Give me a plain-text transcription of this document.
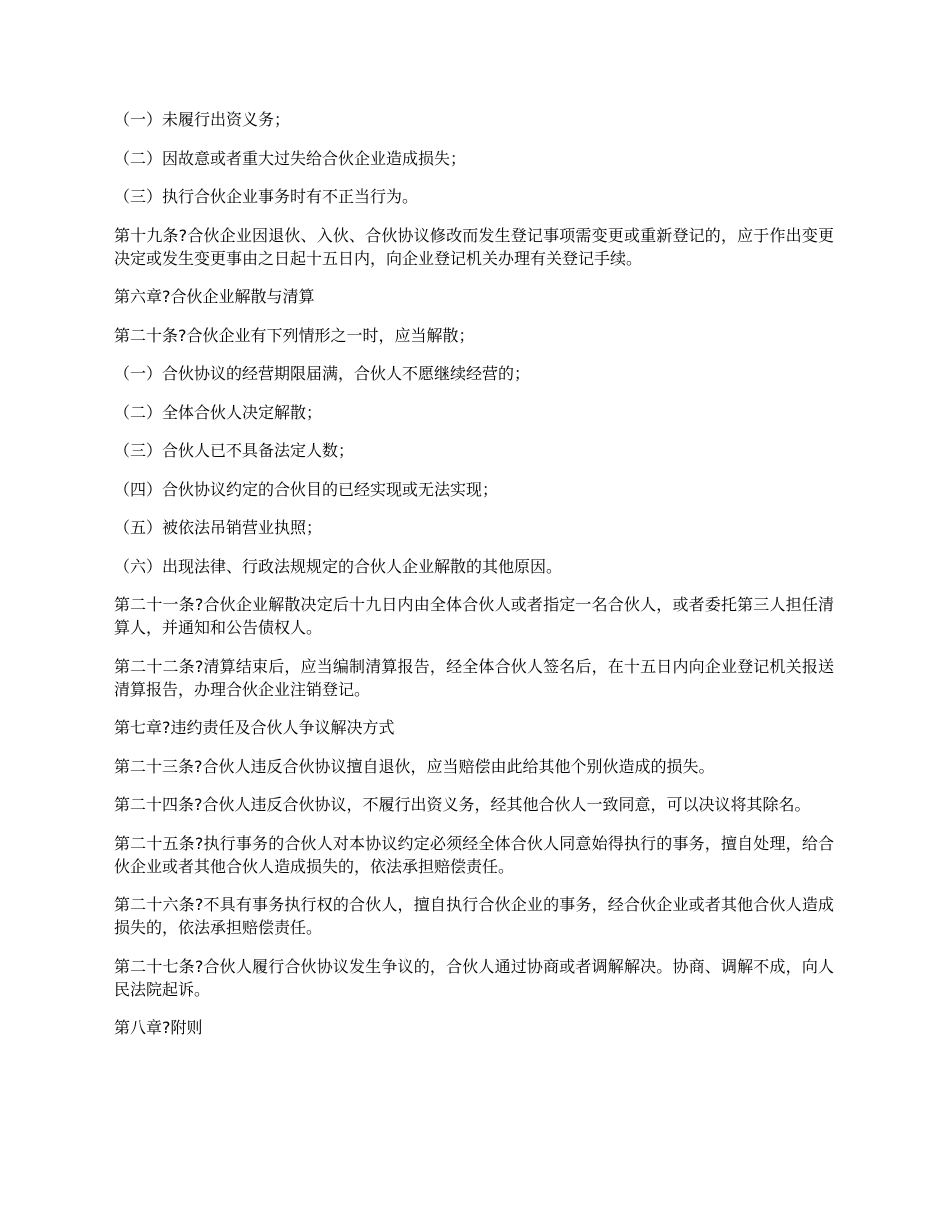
（一）未履行出资义务；

（二）因故意或者重大过失给合伙企业造成损失；

（三）执行合伙企业事务时有不正当行为。

第十九条?合伙企业因退伙、入伙、合伙协议修改而发生登记事项需变更或重新登记的，应于作出变更决定或发生变更事由之日起十五日内，向企业登记机关办理有关登记手续。

第六章?合伙企业解散与清算

第二十条?合伙企业有下列情形之一时，应当解散；

（一）合伙协议的经营期限届满，合伙人不愿继续经营的；

（二）全体合伙人决定解散；

（三）合伙人已不具备法定人数；

（四）合伙协议约定的合伙目的已经实现或无法实现；

（五）被依法吊销营业执照；

（六）出现法律、行政法规规定的合伙人企业解散的其他原因。

第二十一条?合伙企业解散决定后十九日内由全体合伙人或者指定一名合伙人，或者委托第三人担任清算人，并通知和公告债权人。

第二十二条?清算结束后，应当编制清算报告，经全体合伙人签名后，在十五日内向企业登记机关报送清算报告，办理合伙企业注销登记。

第七章?违约责任及合伙人争议解决方式

第二十三条?合伙人违反合伙协议擅自退伙，应当赔偿由此给其他个别伙造成的损失。

第二十四条?合伙人违反合伙协议，不履行出资义务，经其他合伙人一致同意，可以决议将其除名。

第二十五条?执行事务的合伙人对本协议约定必须经全体合伙人同意始得执行的事务，擅自处理，给合伙企业或者其他合伙人造成损失的，依法承担赔偿责任。

第二十六条?不具有事务执行权的合伙人，擅自执行合伙企业的事务，经合伙企业或者其他合伙人造成损失的，依法承担赔偿责任。

第二十七条?合伙人履行合伙协议发生争议的，合伙人通过协商或者调解解决。协商、调解不成，向人民法院起诉。

第八章?附则
